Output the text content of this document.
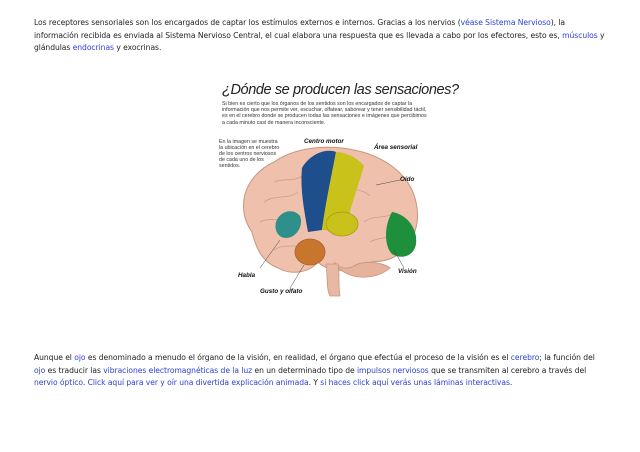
Los receptores sensoriales son los encargados de captar los estímulos externos e internos. Gracias a los nervios (véase Sistema Nervioso), la información recibida es enviada al Sistema Nervioso Central, el cual elabora una respuesta que es llevada a cabo por los efectores, esto es, músculos y glándulas endocrinas y exocrinas.

¿Dónde se producen las sensaciones?
Si bien es cierto que los órganos de los sentidos son los encargados de captar la información que nos permite ver, escuchar, olfatear, saborear y tener sensibilidad táctil, es en el cerebro donde se producen todas las sensaciones e imágenes que percibimos a cada minuto casi de manera inconsciente.
En la imagen se muestra la ubicación en el cerebro de los centros nerviosos de cada uno de los sentidos.
Centro motor
Área sensorial
Oído
Visión
Habla
Gusto y olfato

Aunque el ojo es denominado a menudo el órgano de la visión, en realidad, el órgano que efectúa el proceso de la visión es el cerebro; la función del ojo es traducir las vibraciones electromagnéticas de la luz en un determinado tipo de impulsos nerviosos que se transmiten al cerebro a través del nervio óptico. Click aquí para ver y oír una divertida explicación animada. Y si haces click aquí verás unas láminas interactivas.
